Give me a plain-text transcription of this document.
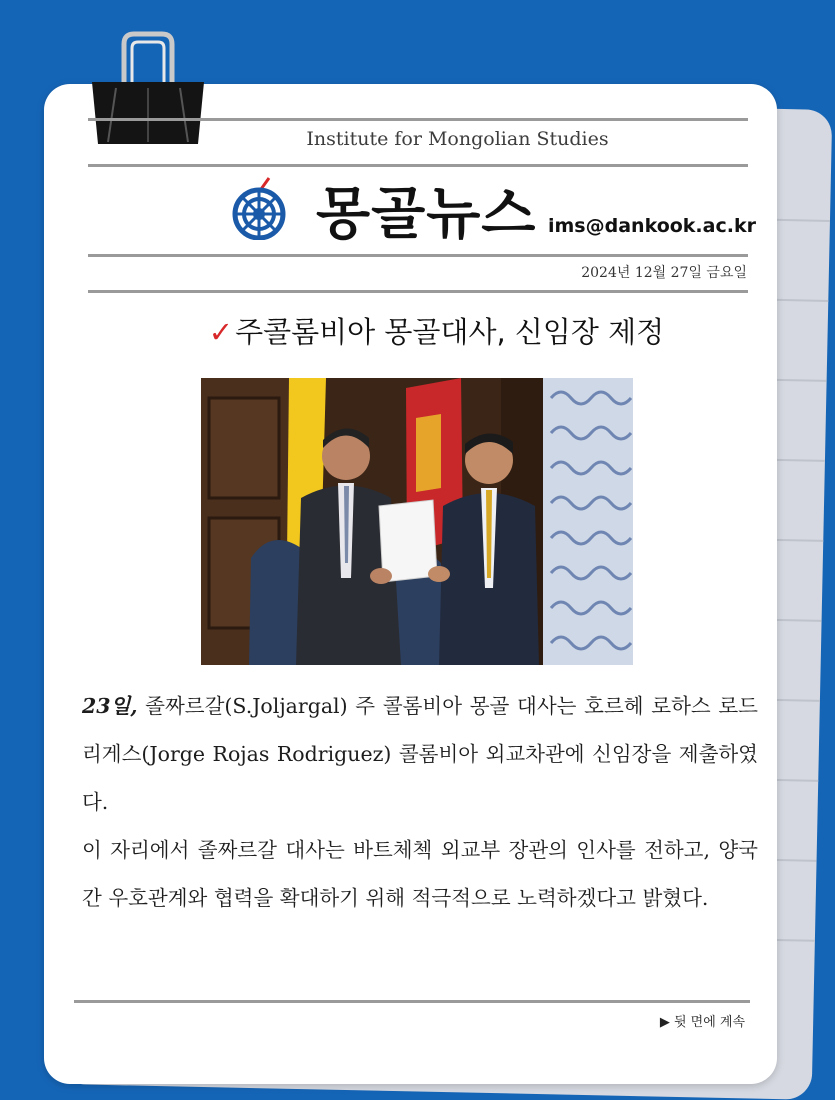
Institute for Mongolian Studies
몽골뉴스 ims@dankook.ac.kr
2024년 12월 27일 금요일
✓주콜롬비아 몽골대사, 신임장 제정

23일, 졸짜르갈(S.Joljargal) 주 콜롬비아 몽골 대사는 호르헤 로하스 로드리게스(Jorge Rojas Rodriguez) 콜롬비아 외교차관에 신임장을 제출하였다.

이 자리에서 졸짜르갈 대사는 바트체첵 외교부 장관의 인사를 전하고, 양국 간 우호관계와 협력을 확대하기 위해 적극적으로 노력하겠다고 밝혔다.

▶ 뒷 면에 계속
